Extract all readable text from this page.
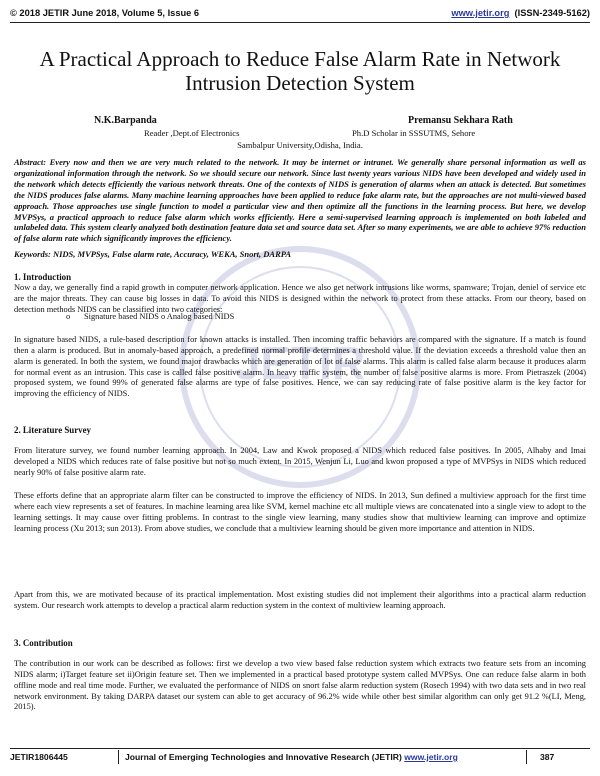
© 2018 JETIR June 2018, Volume 5, Issue 6	www.jetir.org (ISSN-2349-5162)
JETIR
A Practical Approach to Reduce False Alarm Rate in Network Intrusion Detection System
N.K.Barpanda	Premansu Sekhara Rath
Reader ,Dept.of Electronics	Ph.D Scholar in SSSUTMS, Sehore
Sambalpur University,Odisha, India.
Abstract: Every now and then we are very much related to the network. It may be internet or intranet. We generally share personal information as well as organizational information through the network. So we should secure our network. Since last twenty years various NIDS have been developed and widely used in the network which detects efficiently the various network threats. One of the contexts of NIDS is generation of alarms when an attack is detected. But sometimes the NIDS produces false alarms. Many machine learning approaches have been applied to reduce fake alarm rate, but the approaches are not multi-viewed based approach. Those approaches use single function to model a particular view and then optimize all the functions in the learning process. But here, we develop MVPSys, a practical approach to reduce false alarm which works efficiently. Here a semi-supervised learning approach is implemented on both labeled and unlabeled data. This system clearly analyzed both destination feature data set and source data set. After so many experiments, we are able to achieve 97% reduction of false alarm rate which significantly improves the efficiency.
Keywords: NIDS, MVPSys, False alarm rate, Accuracy, WEKA, Snort, DARPA
1. Introduction
Now a day, we generally find a rapid growth in computer network application. Hence we also get network intrusions like worms, spamware; Trojan, deniel of service etc are the major threats. They can cause big losses in data. To avoid this NIDS is designed within the network to protect from these attacks. From our theory, based on detection methods NIDS can be classified into two categories:
o Signature based NIDS o Analog based NIDS
In signature based NIDS, a rule-based description for known attacks is installed. Then incoming traffic behaviors are compared with the signature. If a match is found then a alarm is produced. But in anomaly-based approach, a predefined normal profile determines a threshold value. If the deviation exceeds a threshold value then an alarm is generated. In both the system, we found major drawbacks which are generation of lot of false alarms. This alarm is called false alarm because it produces alarm for normal event as an intrusion. This case is called false positive alarm. In heavy traffic system, the number of false positive alarms is more. From Pietraszek (2004) proposed system, we found 99% of generated false alarms are type of false positives. Hence, we can say reducing rate of false positive alarm is the key factor for improving the efficiency of NIDS.
2. Literature Survey
From literature survey, we found number learning approach. In 2004, Law and Kwok proposed a NIDS which reduced false positives. In 2005, Alhaby and Imai developed a NIDS which reduces rate of false positive but not so much extent. In 2015, Wenjun Li, Luo and kwon proposed a type of MVPSys in NIDS which reduced nearly 90% of false positive alarm rate.
These efforts define that an appropriate alarm filter can be constructed to improve the efficiency of NIDS. In 2013, Sun defined a multiview approach for the first time where each view represents a set of features. In machine learning area like SVM, kernel machine etc all multiple views are concatenated into a single view to adopt to the learning settings. It may cause over fitting problems. In contrast to the single view learning, many studies show that multiview learning can improve and optimize learning process (Xu 2013; sun 2013). From above studies, we conclude that a multiview learning should be given more importance and attention in NIDS.
Apart from this, we are motivated because of its practical implementation. Most existing studies did not implement their algorithms into a practical alarm reduction system. Our research work attempts to develop a practical alarm reduction system in the context of multiview learning approach.
3. Contribution
The contribution in our work can be described as follows: first we develop a two view based false reduction system which extracts two feature sets from an incoming NIDS alarm; i)Target feature set ii)Origin feature set. Then we implemented in a practical based prototype system called MVPSys. One can reduce false alarm in both offline mode and real time mode. Further, we evaluated the performance of NIDS on snort false alarm reduction system (Rosech 1994) with two data sets and in two real network environment. By taking DARPA dataset our system can able to get accuracy of 96.2% wide while other best similar algorithm can only get 91.2 %(LI, Meng, 2015).
JETIR1806445	Journal of Emerging Technologies and Innovative Research (JETIR) www.jetir.org	387
